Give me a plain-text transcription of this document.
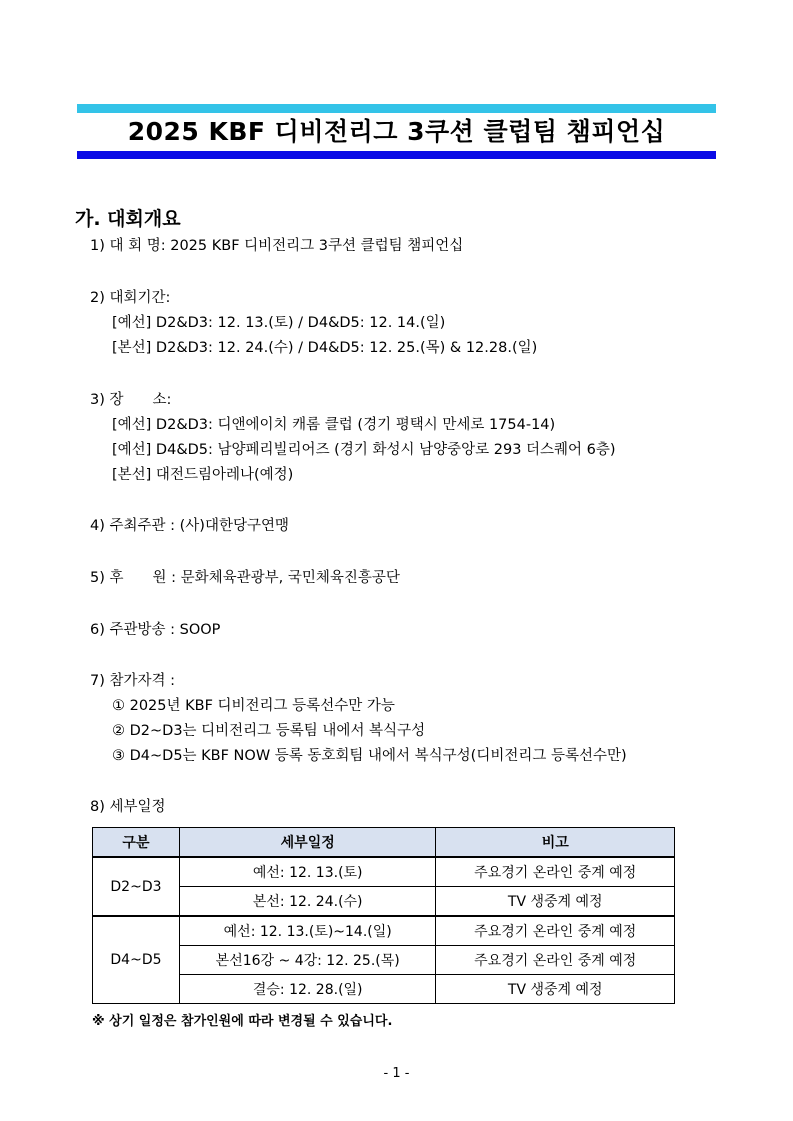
2025 KBF 디비전리그 3쿠션 클럽팀 챔피언십
가. 대회개요
1) 대 회 명: 2025 KBF 디비전리그 3쿠션 클럽팀 챔피언십
2) 대회기간:
[예선] D2&D3: 12. 13.(토) / D4&D5: 12. 14.(일)
[본선] D2&D3: 12. 24.(수) / D4&D5: 12. 25.(목) & 12.28.(일)
3) 장　　소:
[예선] D2&D3: 디앤에이치 캐롬 클럽 (경기 평택시 만세로 1754-14)
[예선] D4&D5: 남양페리빌리어즈 (경기 화성시 남양중앙로 293 더스퀘어 6층)
[본선] 대전드림아레나(예정)
4) 주최주관 : (사)대한당구연맹
5) 후　　원 : 문화체육관광부, 국민체육진흥공단
6) 주관방송 : SOOP
7) 참가자격 :
① 2025년 KBF 디비전리그 등록선수만 가능
② D2~D3는 디비전리그 등록팀 내에서 복식구성
③ D4~D5는 KBF NOW 등록 동호회팀 내에서 복식구성(디비전리그 등록선수만)
8) 세부일정
구분	세부일정	비고
D2~D3	예선: 12. 13.(토)	주요경기 온라인 중계 예정
	본선: 12. 24.(수)	TV 생중계 예정
D4~D5	예선: 12. 13.(토)~14.(일)	주요경기 온라인 중계 예정
	본선16강 ~ 4강: 12. 25.(목)	주요경기 온라인 중계 예정
	결승: 12. 28.(일)	TV 생중계 예정
※ 상기 일정은 참가인원에 따라 변경될 수 있습니다.
- 1 -
